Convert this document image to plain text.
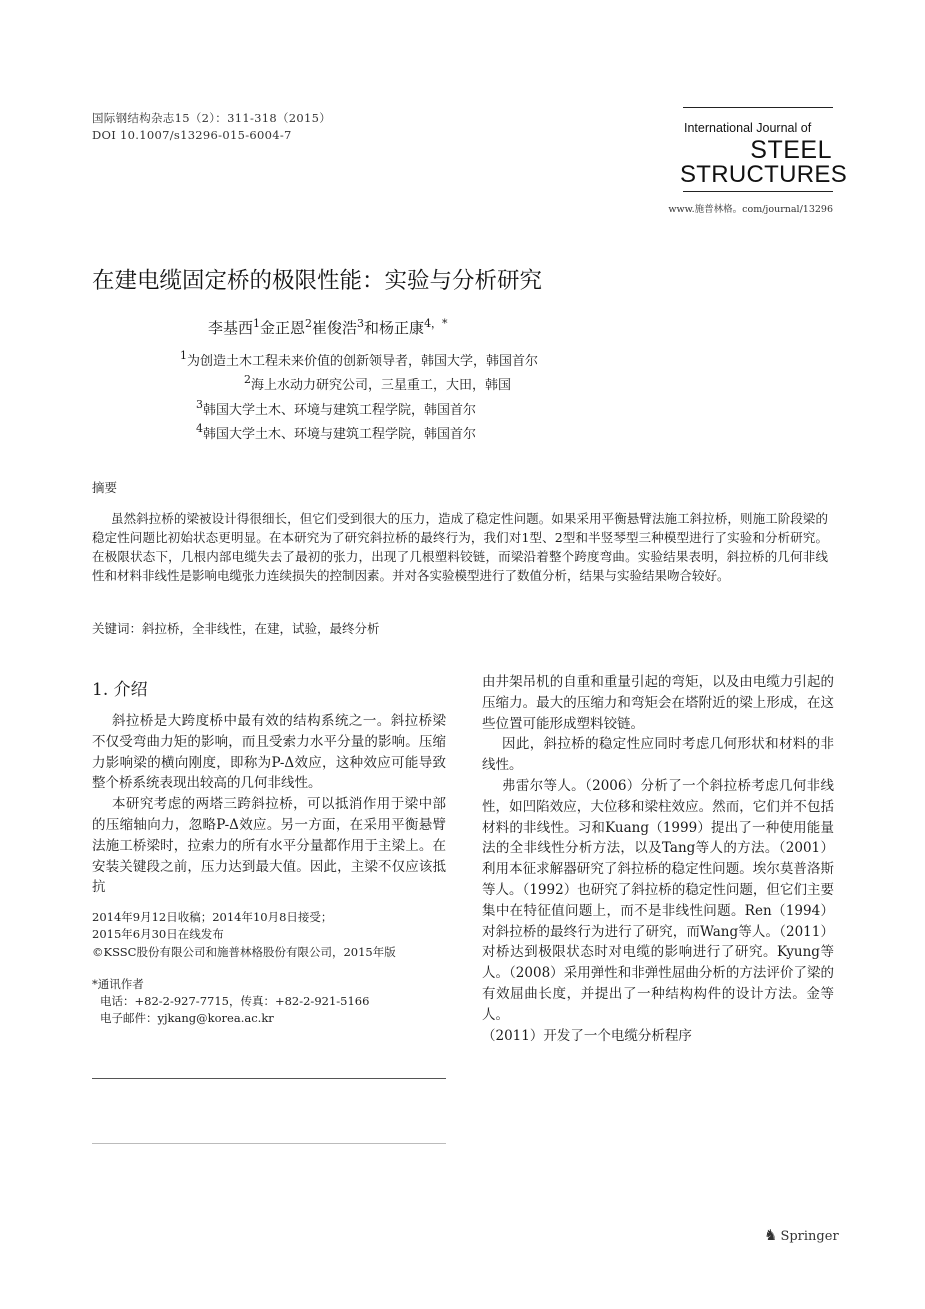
国际钢结构杂志15（2）：311-318（2015）
DOI 10.1007/s13296-015-6004-7	International Journal of
STEEL
STRUCTURES
www.施普林格。com/journal/13296
在建电缆固定桥的极限性能：实验与分析研究
李基西$^1$金正恩$^2$崔俊浩$^3$和杨正康$^{4,*}$
$^1$为创造土木工程未来价值的创新领导者，韩国大学，韩国首尔
$^2$海上水动力研究公司，三星重工，大田，韩国
$^3$韩国大学土木、环境与建筑工程学院，韩国首尔
$^4$韩国大学土木、环境与建筑工程学院，韩国首尔
摘要
虽然斜拉桥的梁被设计得很细长，但它们受到很大的压力，造成了稳定性问题。如果采用平衡悬臂法施工斜拉桥，则施工阶段梁的稳定性问题比初始状态更明显。在本研究为了研究斜拉桥的最终行为，我们对1型、2型和半竖琴型三种模型进行了实验和分析研究。在极限状态下，几根内部电缆失去了最初的张力，出现了几根塑料铰链，而梁沿着整个跨度弯曲。实验结果表明，斜拉桥的几何非线性和材料非线性是影响电缆张力连续损失的控制因素。并对各实验模型进行了数值分析，结果与实验结果吻合较好。
关键词：斜拉桥，全非线性，在建，试验，最终分析
1. 介绍

斜拉桥是大跨度桥中最有效的结构系统之一。斜拉桥梁不仅受弯曲力矩的影响，而且受索力水平分量的影响。压缩力影响梁的横向刚度，即称为P-Δ效应，这种效应可能导致整个桥系统表现出较高的几何非线性。

本研究考虑的两塔三跨斜拉桥，可以抵消作用于梁中部的压缩轴向力，忽略P-Δ效应。另一方面，在采用平衡悬臂法施工桥梁时，拉索力的所有水平分量都作用于主梁上。在安装关键段之前，压力达到最大值。因此，主梁不仅应该抵抗

2014年9月12日收稿；2014年10月8日接受；
2015年6月30日在线发布
©KSSC股份有限公司和施普林格股份有限公司，2015年版
*通讯作者
电话：+82-2-927-7715，传真：+82-2-921-5166
电子邮件：yjkang@korea.ac.kr

由井架吊机的自重和重量引起的弯矩，以及由电缆力引起的压缩力。最大的压缩力和弯矩会在塔附近的梁上形成，在这些位置可能形成塑料铰链。

因此，斜拉桥的稳定性应同时考虑几何形状和材料的非线性。

弗雷尔等人。（2006）分析了一个斜拉桥考虑几何非线性，如凹陷效应，大位移和梁柱效应。然而，它们并不包括材料的非线性。习和Kuang（1999）提出了一种使用能量法的全非线性分析方法，以及Tang等人的方法。（2001）利用本征求解器研究了斜拉桥的稳定性问题。埃尔莫普洛斯等人。（1992）也研究了斜拉桥的稳定性问题，但它们主要集中在特征值问题上，而不是非线性问题。Ren（1994）对斜拉桥的最终行为进行了研究，而Wang等人。（2011）对桥达到极限状态时对电缆的影响进行了研究。Kyung等人。（2008）采用弹性和非弹性屈曲分析的方法评价了梁的有效屈曲长度，并提出了一种结构构件的设计方法。金等人。

（2011）开发了一个电缆分析程序

♞ Springer
